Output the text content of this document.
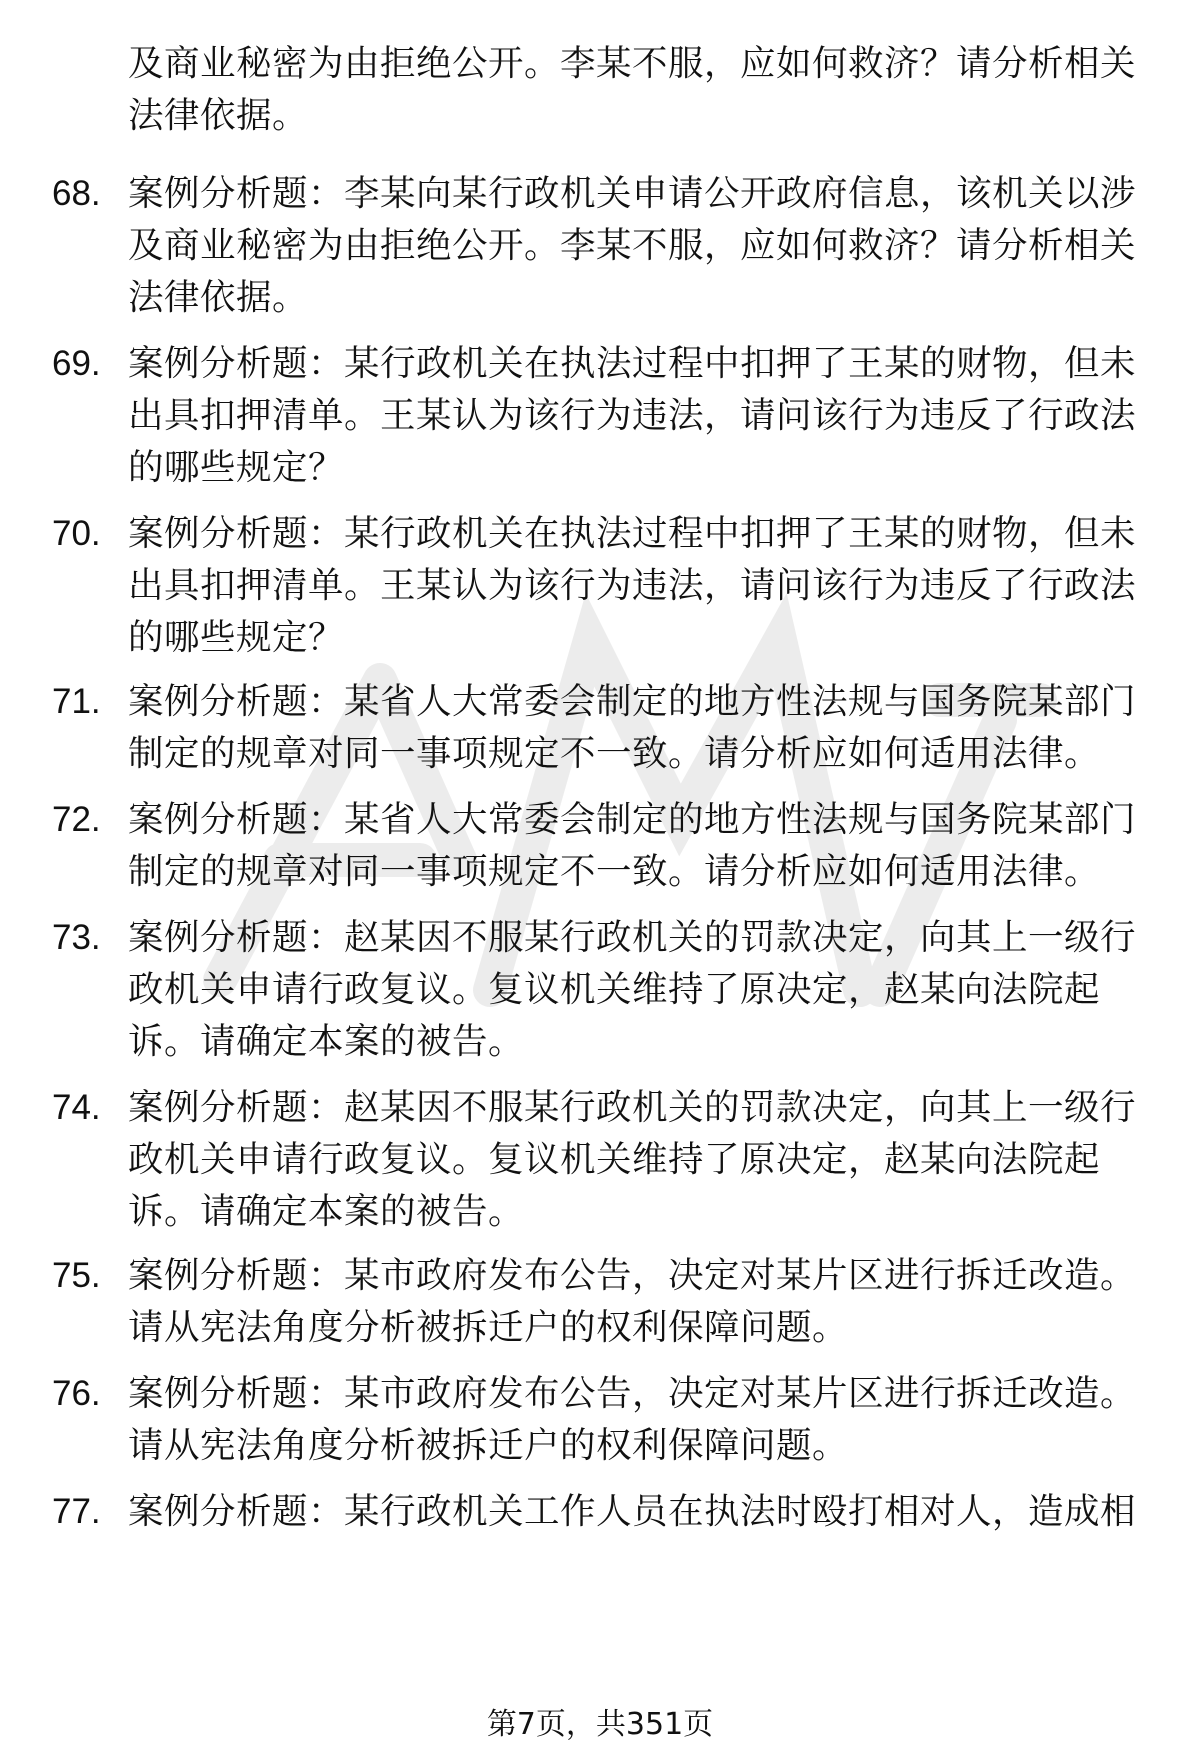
及商业秘密为由拒绝公开。李某不服，应如何救济？请分析相关法律依据。

68. 案例分析题：李某向某行政机关申请公开政府信息，该机关以涉及商业秘密为由拒绝公开。李某不服，应如何救济？请分析相关法律依据。

69. 案例分析题：某行政机关在执法过程中扣押了王某的财物，但未出具扣押清单。王某认为该行为违法，请问该行为违反了行政法的哪些规定？

70. 案例分析题：某行政机关在执法过程中扣押了王某的财物，但未出具扣押清单。王某认为该行为违法，请问该行为违反了行政法的哪些规定？

71. 案例分析题：某省人大常委会制定的地方性法规与国务院某部门制定的规章对同一事项规定不一致。请分析应如何适用法律。

72. 案例分析题：某省人大常委会制定的地方性法规与国务院某部门制定的规章对同一事项规定不一致。请分析应如何适用法律。

73. 案例分析题：赵某因不服某行政机关的罚款决定，向其上一级行政机关申请行政复议。复议机关维持了原决定，赵某向法院起诉。请确定本案的被告。

74. 案例分析题：赵某因不服某行政机关的罚款决定，向其上一级行政机关申请行政复议。复议机关维持了原决定，赵某向法院起诉。请确定本案的被告。

75. 案例分析题：某市政府发布公告，决定对某片区进行拆迁改造。请从宪法角度分析被拆迁户的权利保障问题。

76. 案例分析题：某市政府发布公告，决定对某片区进行拆迁改造。请从宪法角度分析被拆迁户的权利保障问题。

77. 案例分析题：某行政机关工作人员在执法时殴打相对人，造成相

第7页，共351页
